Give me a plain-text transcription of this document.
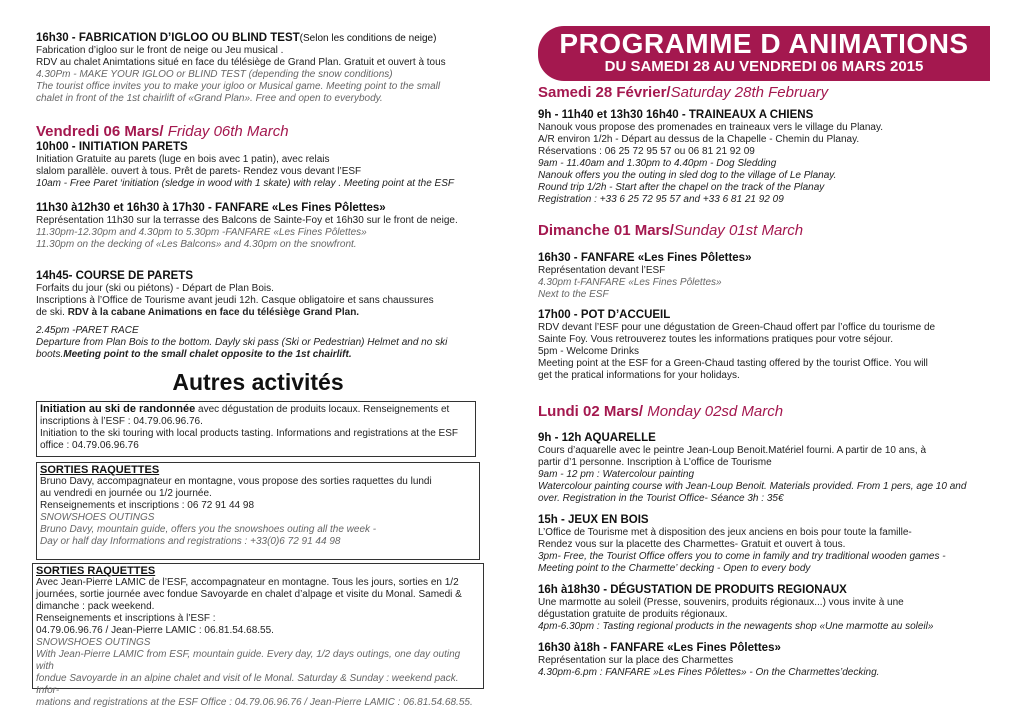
16h30 - FABRICATION D’IGLOO OU BLIND TEST(Selon les conditions de neige)

Fabrication d’igloo sur le front de neige ou Jeu musical .
RDV au chalet Animtations situé en face du télésiège de Grand Plan. Gratuit et ouvert à tous

4.30Pm - MAKE YOUR IGLOO or BLIND TEST (depending the snow conditions)
The tourist office invites you to make your igloo or Musical game. Meeting point to the small
chalet in front of the 1st chairlift of «Grand Plan». Free and open to everybody.

Vendredi 06 Mars/ Friday 06th March

10h00 - INITIATION PARETS

Initiation Gratuite au parets (luge en bois avec 1 patin), avec relais
slalom parallèle. ouvert à tous. Prêt de parets- Rendez vous devant l’ESF

10am - Free Paret ‘initiation (sledge in wood with 1 skate) with relay . Meeting point at the ESF

11h30 à12h30 et 16h30 à 17h30 - FANFARE «Les Fines Pôlettes»

Représentation 11h30 sur la terrasse des Balcons de Sainte-Foy et 16h30 sur le front de neige.

11.30pm-12.30pm and 4.30pm to 5.30pm -FANFARE «Les Fines Pôlettes»
11.30pm on the decking of «Les Balcons» and 4.30pm on the snowfront.

14h45- COURSE DE PARETS

Forfaits du jour (ski ou piétons) - Départ de Plan Bois.
Inscriptions à l’Office de Tourisme avant jeudi 12h. Casque obligatoire et sans chaussures
de ski. RDV à la cabane Animations en face du télésiège Grand Plan.

2.45pm -PARET RACE
Departure from Plan Bois to the bottom. Dayly ski pass (Ski or Pedestrian) Helmet and no ski
boots.Meeting point to the small chalet opposite to the 1st chairlift.

Autres activités

Initiation au ski de randonnée avec dégustation de produits locaux. Renseignements et inscriptions à l’ESF : 04.79.06.96.76.

Initiation to the ski touring with local products tasting. Informations and registrations at the ESF office : 04.79.06.96.76

SORTIES RAQUETTES

Bruno Davy, accompagnateur en montagne, vous propose des sorties raquettes du lundi
au vendredi en journée ou 1/2 journée.
Renseignements et inscriptions : 06 72 91 44 98

SNOWSHOES OUTINGS
Bruno Davy, mountain guide, offers you the snowshoes outing all the week -
Day or half day Informations and registrations : +33(0)6 72 91 44 98

SORTIES RAQUETTES

Avec Jean-Pierre LAMIC de l’ESF, accompagnateur en montagne. Tous les jours, sorties en 1/2
journées, sortie journée avec fondue Savoyarde en chalet d’alpage et visite du Monal. Samedi &
dimanche : pack weekend.
Renseignements et inscriptions à l’ESF :
04.79.06.96.76 / Jean-Pierre LAMIC : 06.81.54.68.55.

SNOWSHOES OUTINGS
With Jean-Pierre LAMIC from ESF, mountain guide. Every day, 1/2 days outings, one day outing with
fondue Savoyarde in an alpine chalet and visit of le Monal. Saturday & Sunday : weekend pack. Infor-
mations and registrations at the ESF Office : 04.79.06.96.76 / Jean-Pierre LAMIC : 06.81.54.68.55.

PROGRAMME D ANIMATIONS
DU SAMEDI 28 AU VENDREDI 06 MARS 2015

Samedi 28 Février/Saturday 28th February

9h - 11h40 et 13h30 16h40 - TRAINEAUX A CHIENS

Nanouk vous propose des promenades en traineaux vers le village du Planay.
A/R environ 1/2h - Départ au dessus de la Chapelle - Chemin du Planay.
Réservations : 06 25 72 95 57 ou 06 81 21 92 09

9am - 11.40am and 1.30pm to 4.40pm - Dog Sledding
Nanouk offers you the outing in sled dog to the village of Le Planay.
Round trip 1/2h - Start after the chapel on the track of the Planay
Registration : +33 6 25 72 95 57 and +33 6 81 21 92 09

Dimanche 01 Mars/Sunday 01st March

16h30 - FANFARE «Les Fines Pôlettes»

Représentation devant l’ESF

4.30pm t-FANFARE «Les Fines Pôlettes»
Next to the ESF

17h00 - POT D’ACCUEIL

RDV devant l’ESF pour une dégustation de Green-Chaud offert par l’office du tourisme de
Sainte Foy. Vous retrouverez toutes les informations pratiques pour votre séjour.
5pm - Welcome Drinks
Meeting point at the ESF for a Green-Chaud tasting offered by the tourist Office. You will
get the pratical informations for your holidays.

Lundi 02 Mars/ Monday 02sd March

9h - 12h AQUARELLE

Cours d’aquarelle avec le peintre Jean-Loup Benoit.Matériel fourni. A partir de 10 ans, à
partir d’1 personne. Inscription à L’office de Tourisme

9am - 12 pm : Watercolour painting
Watercolour painting course with Jean-Loup Benoit. Materials provided. From 1 pers, age 10 and
over. Registration in the Tourist Office- Séance 3h : 35€

15h - JEUX EN BOIS

L’Office de Tourisme met à disposition des jeux anciens en bois pour toute la famille-
Rendez vous sur la placette des Charmettes- Gratuit et ouvert à tous.

3pm- Free, the Tourist Office offers you to come in family and try traditional wooden games -
Meeting point to the Charmette’ decking - Open to every body

16h à18h30 - DÉGUSTATION DE PRODUITS REGIONAUX

Une marmotte au soleil (Presse, souvenirs, produits régionaux...) vous invite à une
dégustation gratuite de produits régionaux.

4pm-6.30pm : Tasting regional products in the newagents shop «Une marmotte au soleil»

16h30 à18h - FANFARE «Les Fines Pôlettes»

Représentation sur la place des Charmettes

4.30pm-6.pm : FANFARE »Les Fines Pôlettes» - On the Charmettes’decking.
